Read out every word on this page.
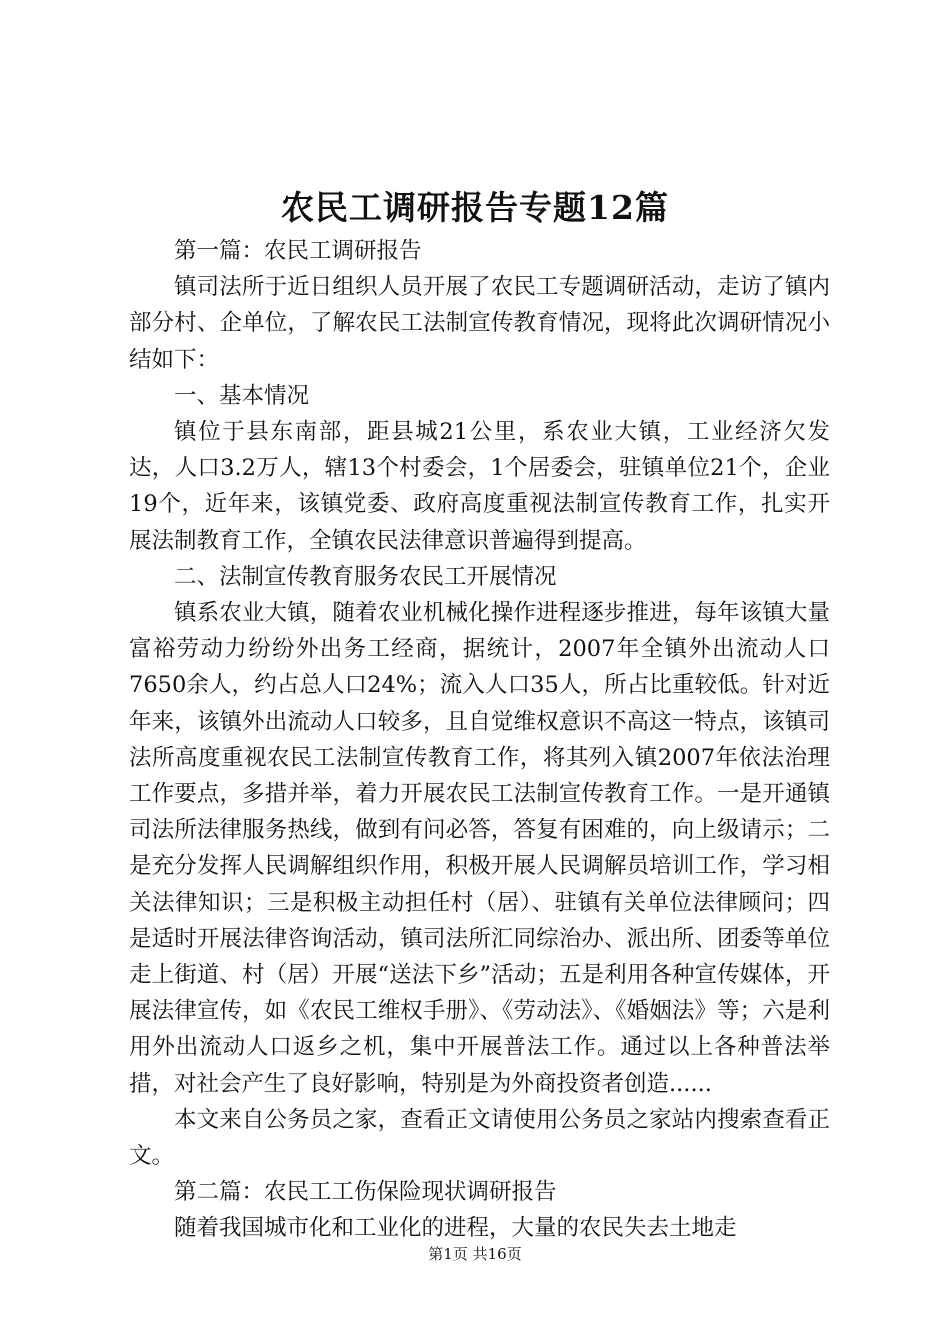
农民工调研报告专题12篇

第一篇：农民工调研报告

镇司法所于近日组织人员开展了农民工专题调研活动，走访了镇内部分村、企单位，了解农民工法制宣传教育情况，现将此次调研情况小结如下：

一、基本情况

镇位于县东南部，距县城21公里，系农业大镇，工业经济欠发达，人口3.2万人，辖13个村委会，1个居委会，驻镇单位21个，企业19个，近年来，该镇党委、政府高度重视法制宣传教育工作，扎实开展法制教育工作，全镇农民法律意识普遍得到提高。

二、法制宣传教育服务农民工开展情况

镇系农业大镇，随着农业机械化操作进程逐步推进，每年该镇大量富裕劳动力纷纷外出务工经商，据统计，2007年全镇外出流动人口7650余人，约占总人口24%；流入人口35人，所占比重较低。针对近年来，该镇外出流动人口较多，且自觉维权意识不高这一特点，该镇司法所高度重视农民工法制宣传教育工作，将其列入镇2007年依法治理工作要点，多措并举，着力开展农民工法制宣传教育工作。一是开通镇司法所法律服务热线，做到有问必答，答复有困难的，向上级请示；二是充分发挥人民调解组织作用，积极开展人民调解员培训工作，学习相关法律知识；三是积极主动担任村（居）、驻镇有关单位法律顾问；四是适时开展法律咨询活动，镇司法所汇同综治办、派出所、团委等单位走上街道、村（居）开展“送法下乡”活动；五是利用各种宣传媒体，开展法律宣传，如《农民工维权手册》、《劳动法》、《婚姻法》等；六是利用外出流动人口返乡之机，集中开展普法工作。通过以上各种普法举措，对社会产生了良好影响，特别是为外商投资者创造......

本文来自公务员之家，查看正文请使用公务员之家站内搜索查看正文。

第二篇：农民工工伤保险现状调研报告

随着我国城市化和工业化的进程，大量的农民失去土地走

第1页 共16页
